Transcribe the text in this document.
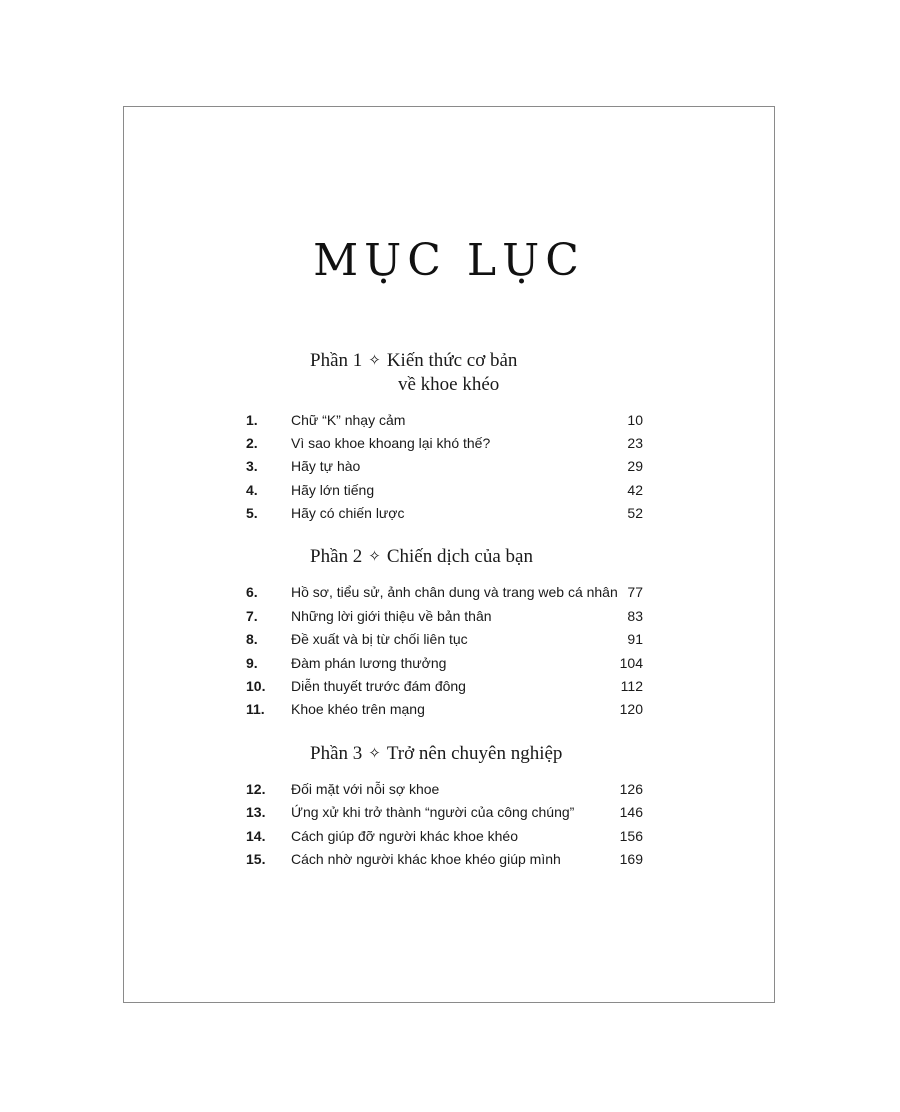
MỤC LỤC
Phần 1 ✧ Kiến thức cơ bản
về khoe khéo
1. Chữ “K” nhạy cảm	10
2. Vì sao khoe khoang lại khó thế?	23
3. Hãy tự hào	29
4. Hãy lớn tiếng	42
5. Hãy có chiến lược	52
Phần 2 ✧ Chiến dịch của bạn
6. Hồ sơ, tiểu sử, ảnh chân dung và trang web cá nhân 77
7. Những lời giới thiệu về bản thân	83
8. Đề xuất và bị từ chối liên tục	91
9. Đàm phán lương thưởng	104
10. Diễn thuyết trước đám đông	112
11. Khoe khéo trên mạng	120
Phần 3 ✧ Trở nên chuyên nghiệp
12. Đối mặt với nỗi sợ khoe	126
13. Ứng xử khi trở thành “người của công chúng”	146
14. Cách giúp đỡ người khác khoe khéo	156
15. Cách nhờ người khác khoe khéo giúp mình	169
